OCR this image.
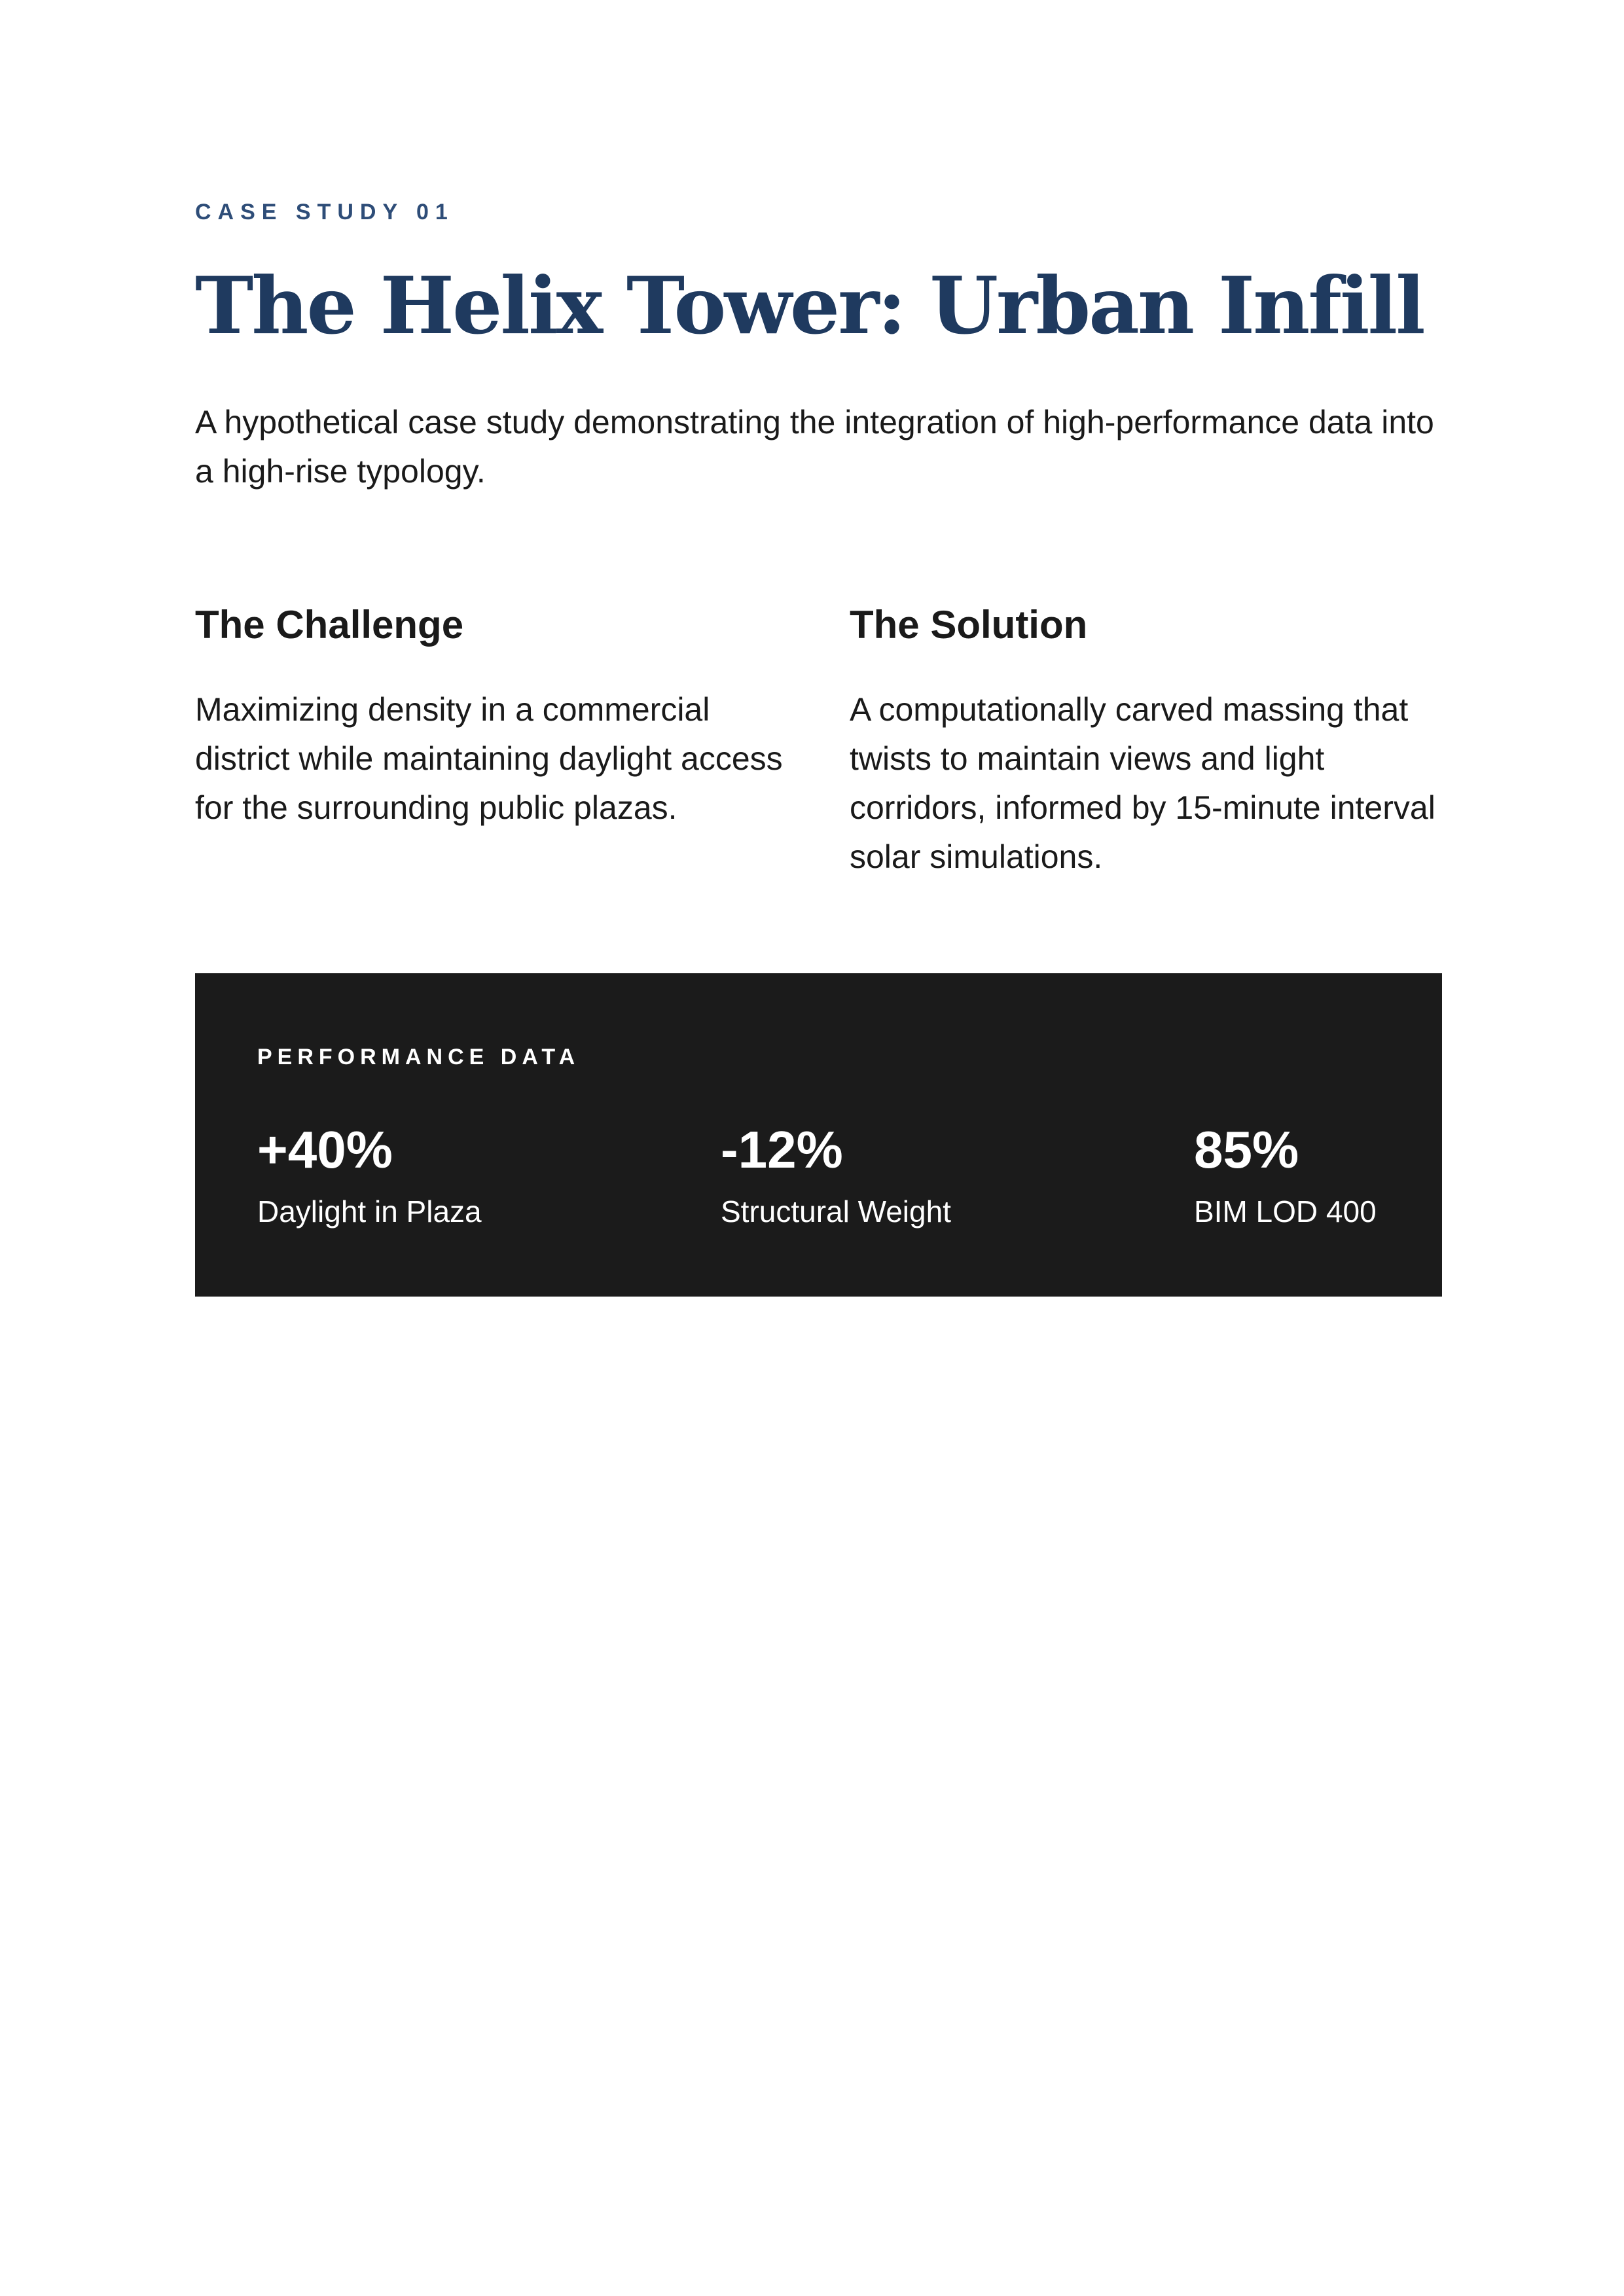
CASE STUDY 01
The Helix Tower: Urban Infill

A hypothetical case study demonstrating the integration of high-performance data into a high-rise typology.

The Challenge

Maximizing density in a commercial district while maintaining daylight access for the surrounding public plazas.

The Solution

A computationally carved massing that twists to maintain views and light corridors, informed by 15-minute interval solar simulations.

PERFORMANCE DATA
+40%
Daylight in Plaza
-12%
Structural Weight
85%
BIM LOD 400
